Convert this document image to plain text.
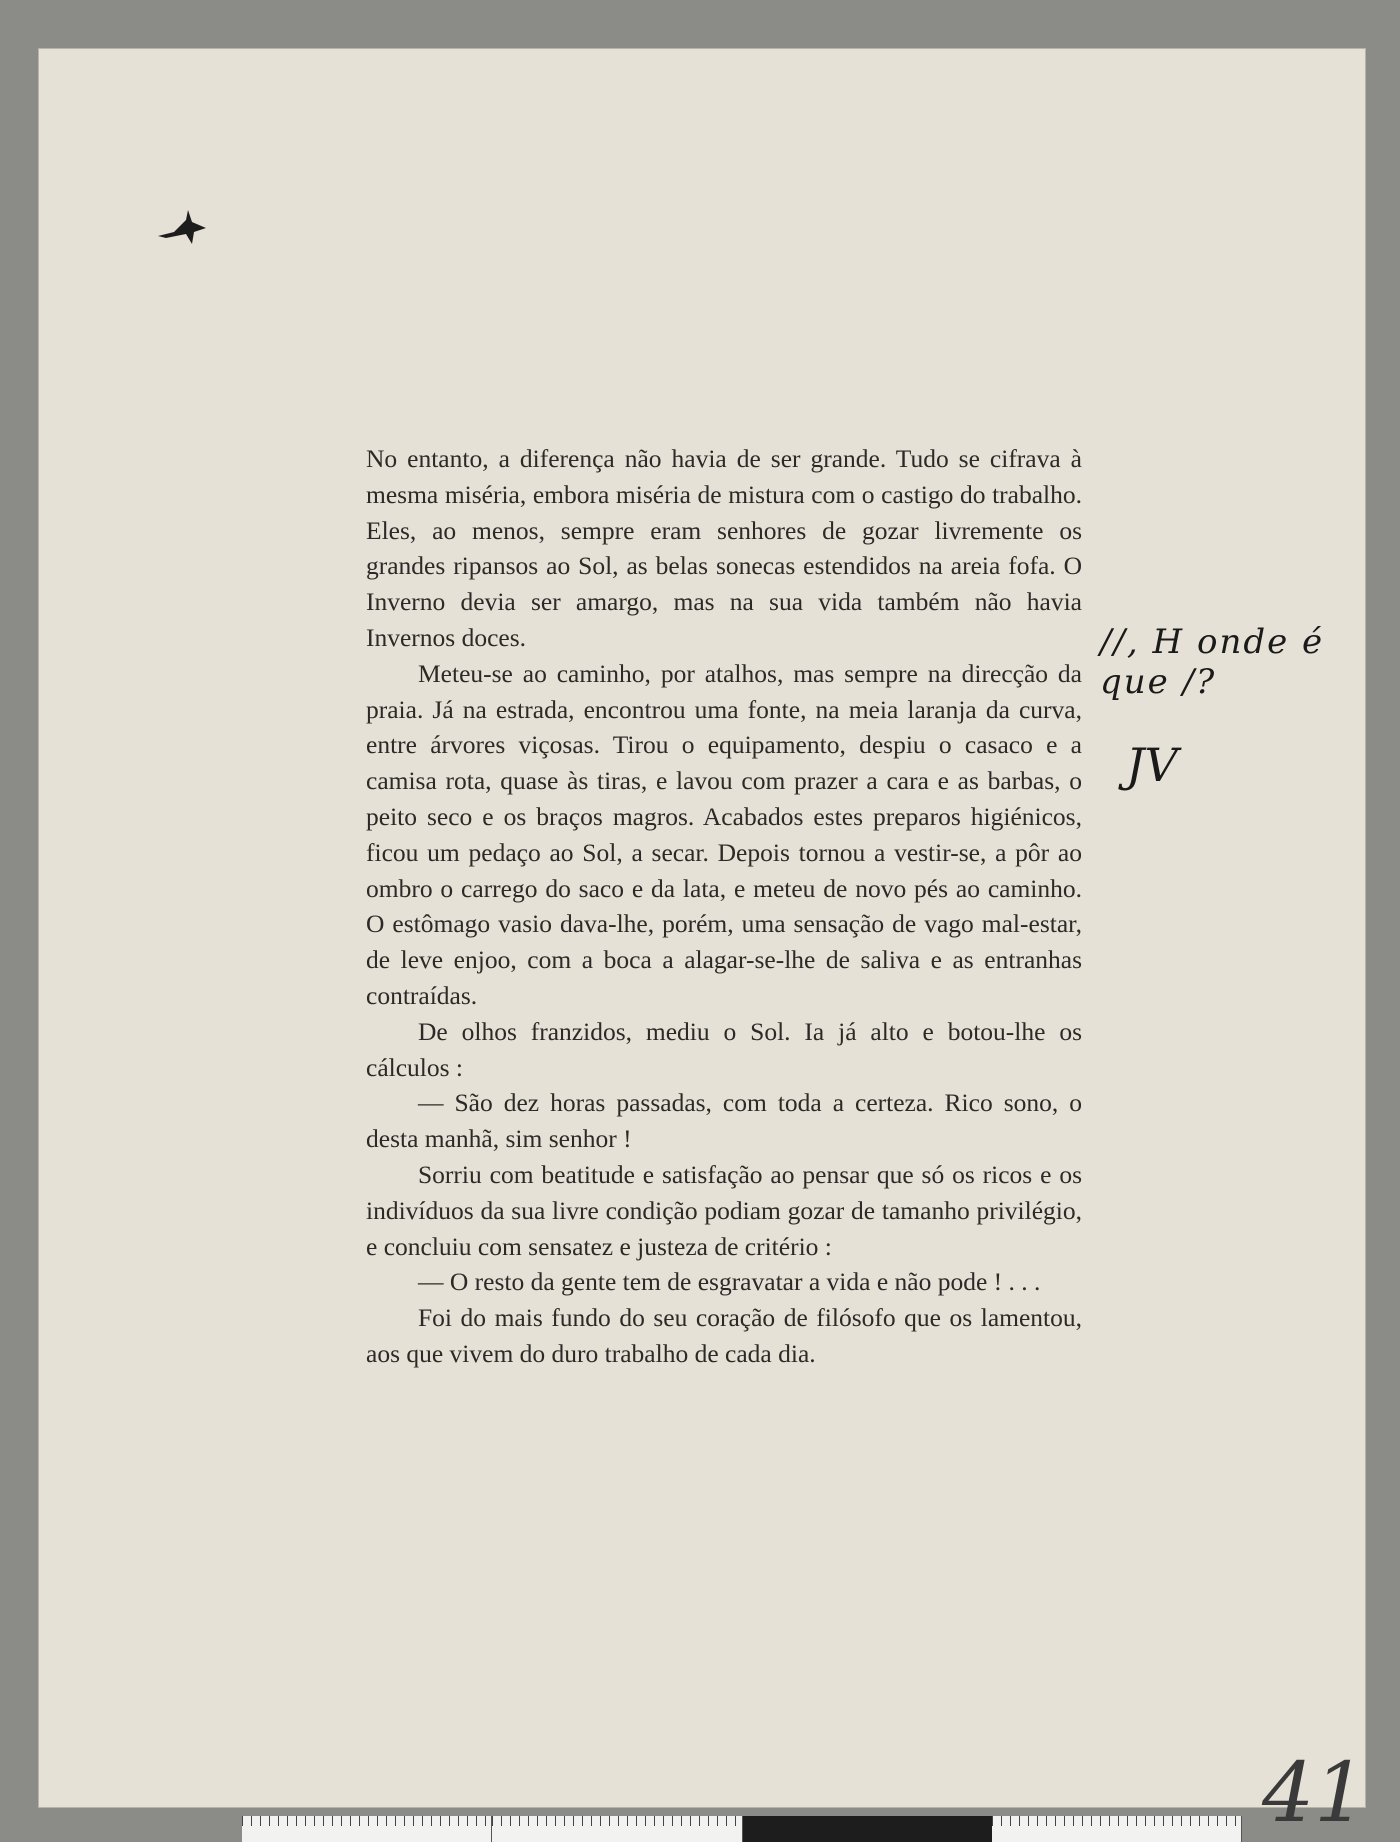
No entanto, a diferença não havia de ser grande. Tudo se cifrava à mesma miséria, embora miséria de mistura com o castigo do trabalho. Eles, ao menos, sempre eram senhores de gozar livremente os grandes ripansos ao Sol, as belas sonecas estendidos na areia fofa. O Inverno devia ser amargo, mas na sua vida também não havia Invernos doces.

Meteu-se ao caminho, por atalhos, mas sempre na direcção da praia. Já na estrada, encontrou uma fonte, na meia laranja da curva, entre árvores viçosas. Tirou o equipamento, despiu o casaco e a camisa rota, quase às tiras, e lavou com prazer a cara e as barbas, o peito seco e os braços magros. Acabados estes preparos higiénicos, ficou um pedaço ao Sol, a secar. Depois tornou a vestir-se, a pôr ao ombro o carrego do saco e da lata, e meteu de novo pés ao caminho. O estômago vasio dava-lhe, porém, uma sensação de vago mal-estar, de leve enjoo, com a boca a alagar-se-lhe de saliva e as entranhas contraídas.

De olhos franzidos, mediu o Sol. Ia já alto e botou-lhe os cálculos :

— São dez horas passadas, com toda a certeza. Rico sono, o desta manhã, sim senhor !

Sorriu com beatitude e satisfação ao pensar que só os ricos e os indivíduos da sua livre condição podiam gozar de tamanho privilégio, e concluiu com sensatez e justeza de critério :

— O resto da gente tem de esgravatar a vida e não pode ! . . .

Foi do mais fundo do seu coração de filósofo que os lamentou, aos que vivem do duro trabalho de cada dia.

//, H onde é que /?
JV
41
